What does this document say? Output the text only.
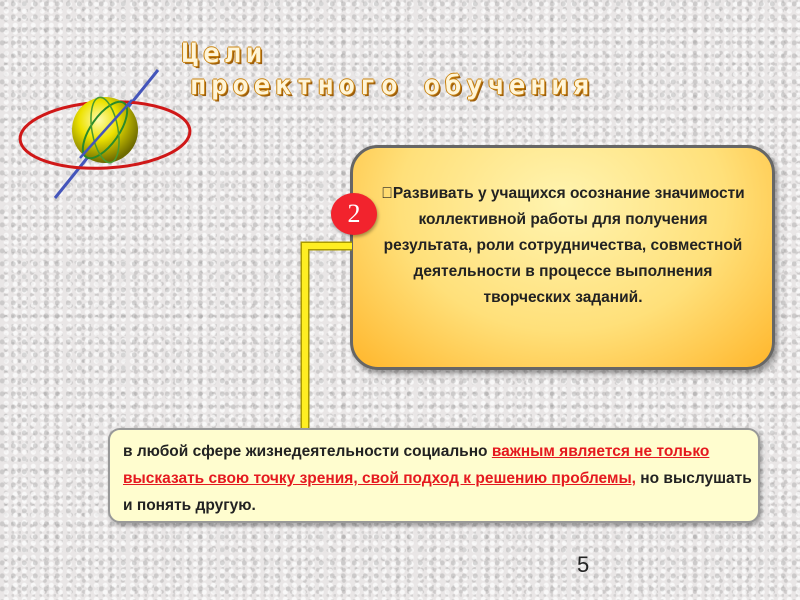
Цели
проектного обучения
2

Развивать у учащихся осознание значимости коллективной работы для получения результата, роли сотрудничества, совместной деятельности в процессе выполнения творческих заданий.

в любой сфере жизнедеятельности социально важным является не только высказать свою точку зрения, свой подход к решению проблемы, но выслушать и понять другую.

5
